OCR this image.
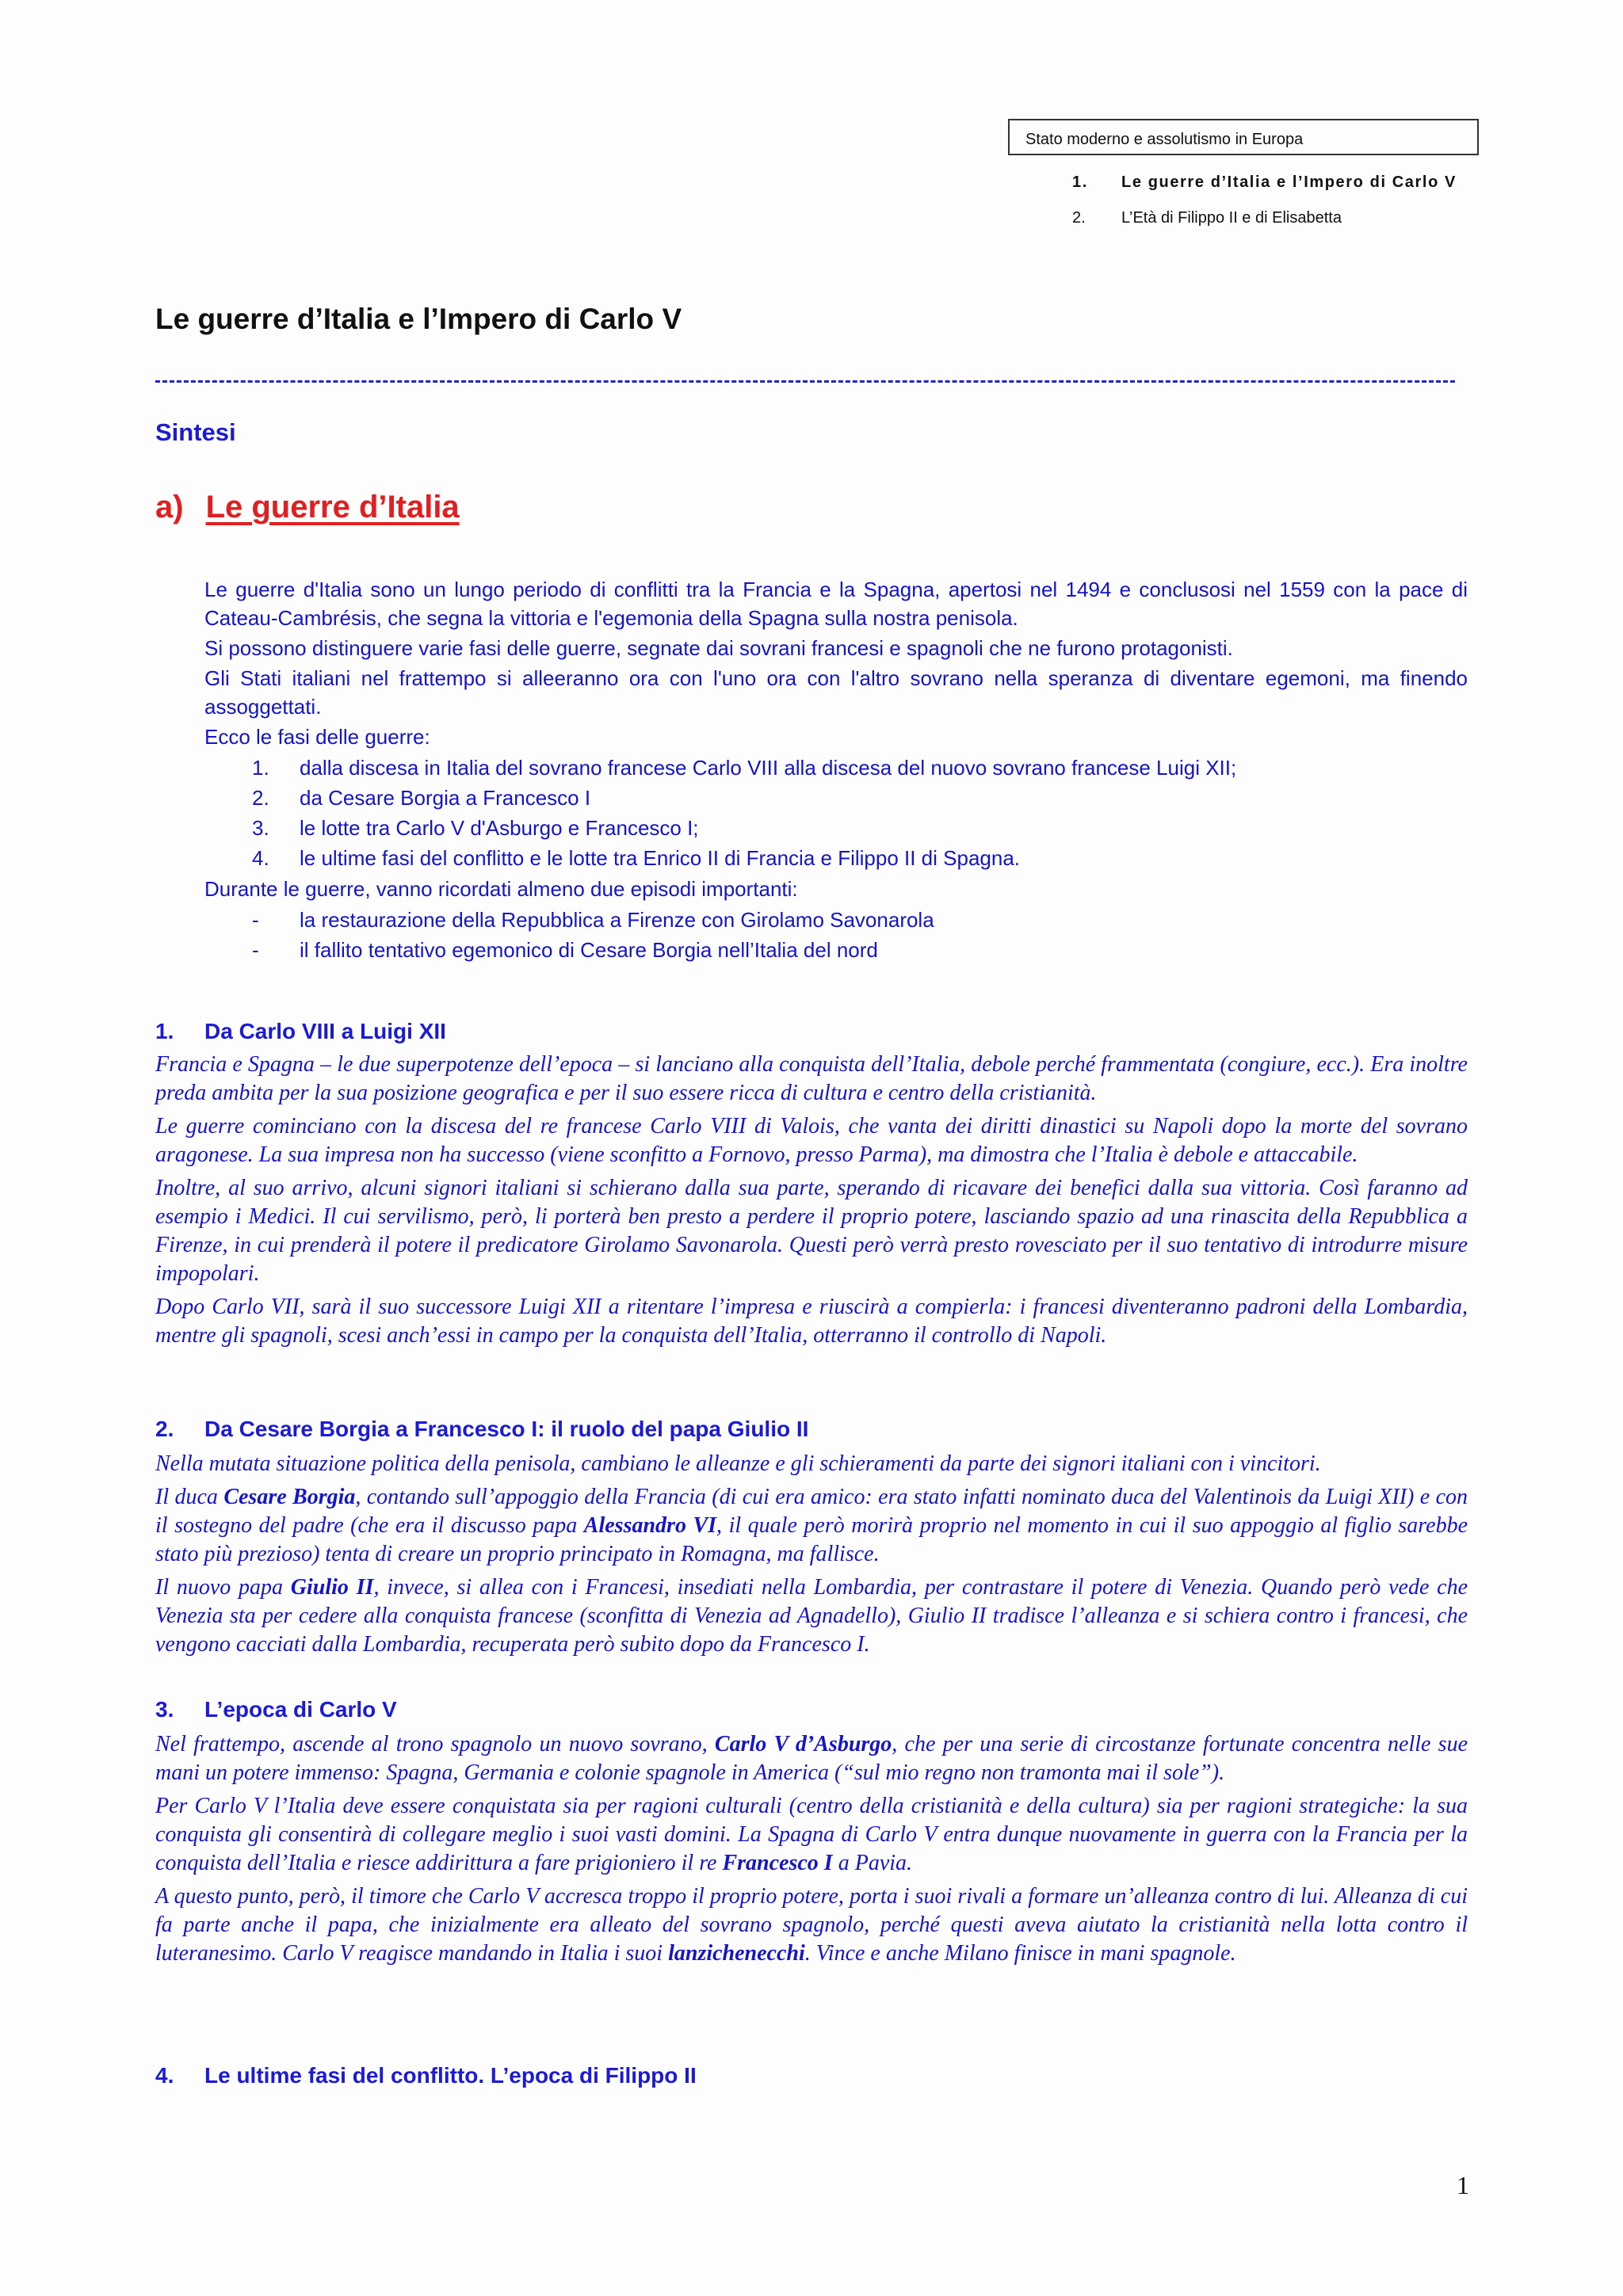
Stato moderno e assolutismo in Europa
1. Le guerre d’Italia e l’Impero di Carlo V
2. L’Età di Filippo II e di Elisabetta
Le guerre d’Italia e l’Impero di Carlo V
Sintesi
a) Le guerre d’Italia

Le guerre d'Italia sono un lungo periodo di conflitti tra la Francia e la Spagna, apertosi nel 1494 e conclusosi nel 1559 con la pace di Cateau-Cambrésis, che segna la vittoria e l'egemonia della Spagna sulla nostra penisola.

Si possono distinguere varie fasi delle guerre, segnate dai sovrani francesi e spagnoli che ne furono protagonisti.

Gli Stati italiani nel frattempo si alleeranno ora con l'uno ora con l'altro sovrano nella speranza di diventare egemoni, ma finendo assoggettati.

Ecco le fasi delle guerre:

1. dalla discesa in Italia del sovrano francese Carlo VIII alla discesa del nuovo sovrano francese Luigi XII;
2. da Cesare Borgia a Francesco I
3. le lotte tra Carlo V d'Asburgo e Francesco I;
4. le ultime fasi del conflitto e le lotte tra Enrico II di Francia e Filippo II di Spagna.

Durante le guerre, vanno ricordati almeno due episodi importanti:

- la restaurazione della Repubblica a Firenze con Girolamo Savonarola
- il fallito tentativo egemonico di Cesare Borgia nell’Italia del nord
1. Da Carlo VIII a Luigi XII

Francia e Spagna – le due superpotenze dell’epoca – si lanciano alla conquista dell’Italia, debole perché frammentata (congiure, ecc.). Era inoltre preda ambita per la sua posizione geografica e per il suo essere ricca di cultura e centro della cristianità.

Le guerre cominciano con la discesa del re francese Carlo VIII di Valois, che vanta dei diritti dinastici su Napoli dopo la morte del sovrano aragonese. La sua impresa non ha successo (viene sconfitto a Fornovo, presso Parma), ma dimostra che l’Italia è debole e attaccabile.

Inoltre, al suo arrivo, alcuni signori italiani si schierano dalla sua parte, sperando di ricavare dei benefici dalla sua vittoria. Così faranno ad esempio i Medici. Il cui servilismo, però, li porterà ben presto a perdere il proprio potere, lasciando spazio ad una rinascita della Repubblica a Firenze, in cui prenderà il potere il predicatore Girolamo Savonarola. Questi però verrà presto rovesciato per il suo tentativo di introdurre misure impopolari.

Dopo Carlo VII, sarà il suo successore Luigi XII a ritentare l’impresa e riuscirà a compierla: i francesi diventeranno padroni della Lombardia, mentre gli spagnoli, scesi anch’essi in campo per la conquista dell’Italia, otterranno il controllo di Napoli.

2. Da Cesare Borgia a Francesco I: il ruolo del papa Giulio II

Nella mutata situazione politica della penisola, cambiano le alleanze e gli schieramenti da parte dei signori italiani con i vincitori.

Il duca Cesare Borgia, contando sull’appoggio della Francia (di cui era amico: era stato infatti nominato duca del Valentinois da Luigi XII) e con il sostegno del padre (che era il discusso papa Alessandro VI, il quale però morirà proprio nel momento in cui il suo appoggio al figlio sarebbe stato più prezioso) tenta di creare un proprio principato in Romagna, ma fallisce.

Il nuovo papa Giulio II, invece, si allea con i Francesi, insediati nella Lombardia, per contrastare il potere di Venezia. Quando però vede che Venezia sta per cedere alla conquista francese (sconfitta di Venezia ad Agnadello), Giulio II tradisce l’alleanza e si schiera contro i francesi, che vengono cacciati dalla Lombardia, recuperata però subito dopo da Francesco I.

3. L’epoca di Carlo V

Nel frattempo, ascende al trono spagnolo un nuovo sovrano, Carlo V d’Asburgo, che per una serie di circostanze fortunate concentra nelle sue mani un potere immenso: Spagna, Germania e colonie spagnole in America (“sul mio regno non tramonta mai il sole”).

Per Carlo V l’Italia deve essere conquistata sia per ragioni culturali (centro della cristianità e della cultura) sia per ragioni strategiche: la sua conquista gli consentirà di collegare meglio i suoi vasti domini. La Spagna di Carlo V entra dunque nuovamente in guerra con la Francia per la conquista dell’Italia e riesce addirittura a fare prigioniero il re Francesco I a Pavia.

A questo punto, però, il timore che Carlo V accresca troppo il proprio potere, porta i suoi rivali a formare un’alleanza contro di lui. Alleanza di cui fa parte anche il papa, che inizialmente era alleato del sovrano spagnolo, perché questi aveva aiutato la cristianità nella lotta contro il luteranesimo. Carlo V reagisce mandando in Italia i suoi lanzichenecchi. Vince e anche Milano finisce in mani spagnole.

4. Le ultime fasi del conflitto. L’epoca di Filippo II
1
